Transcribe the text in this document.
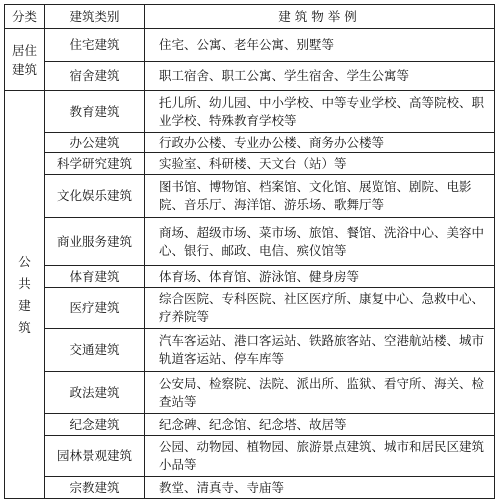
分类	建筑类别	建筑物举例
居住建筑	住宅建筑	住宅、公寓、老年公寓、别墅等
	宿舍建筑	职工宿舍、职工公寓、学生宿舍、学生公寓等
公共建筑	教育建筑	托儿所、幼儿园、中小学校、中等专业学校、高等院校、职业学校、特殊教育学校等
	办公建筑	行政办公楼、专业办公楼、商务办公楼等
	科学研究建筑	实验室、科研楼、天文台（站）等
	文化娱乐建筑	图书馆、博物馆、档案馆、文化馆、展览馆、剧院、电影院、音乐厅、海洋馆、游乐场、歌舞厅等
	商业服务建筑	商场、超级市场、菜市场、旅馆、餐馆、洗浴中心、美容中心、银行、邮政、电信、殡仪馆等
	体育建筑	体育场、体育馆、游泳馆、健身房等
	医疗建筑	综合医院、专科医院、社区医疗所、康复中心、急救中心、疗养院等
	交通建筑	汽车客运站、港口客运站、铁路旅客站、空港航站楼、城市轨道客运站、停车库等
	政法建筑	公安局、检察院、法院、派出所、监狱、看守所、海关、检查站等
	纪念建筑	纪念碑、纪念馆、纪念塔、故居等
	园林景观建筑	公园、动物园、植物园、旅游景点建筑、城市和居民区建筑小品等
	宗教建筑	教堂、清真寺、寺庙等
